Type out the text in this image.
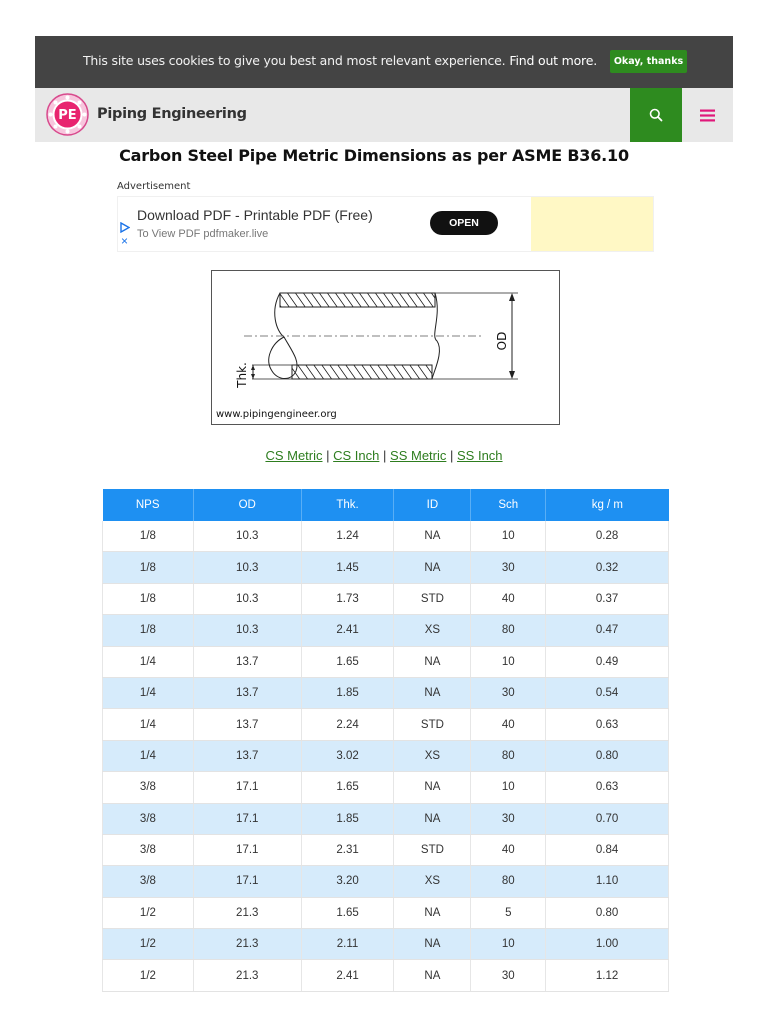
This site uses cookies to give you best and most relevant experience. Find out more.	Okay, thanks
PE Piping Engineering
Carbon Steel Pipe Metric Dimensions as per ASME B36.10
Advertisement
Download PDF - Printable PDF (Free)
To View PDF pdfmaker.live
OPEN
×
OD
Thk.
www.pipingengineer.org
CS Metric | CS Inch | SS Metric | SS Inch
NPS	OD	Thk.	ID	Sch	kg / m
1/8	10.3	1.24	NA	10	0.28
1/8	10.3	1.45	NA	30	0.32
1/8	10.3	1.73	STD	40	0.37
1/8	10.3	2.41	XS	80	0.47
1/4	13.7	1.65	NA	10	0.49
1/4	13.7	1.85	NA	30	0.54
1/4	13.7	2.24	STD	40	0.63
1/4	13.7	3.02	XS	80	0.80
3/8	17.1	1.65	NA	10	0.63
3/8	17.1	1.85	NA	30	0.70
3/8	17.1	2.31	STD	40	0.84
3/8	17.1	3.20	XS	80	1.10
1/2	21.3	1.65	NA	5	0.80
1/2	21.3	2.11	NA	10	1.00
1/2	21.3	2.41	NA	30	1.12
